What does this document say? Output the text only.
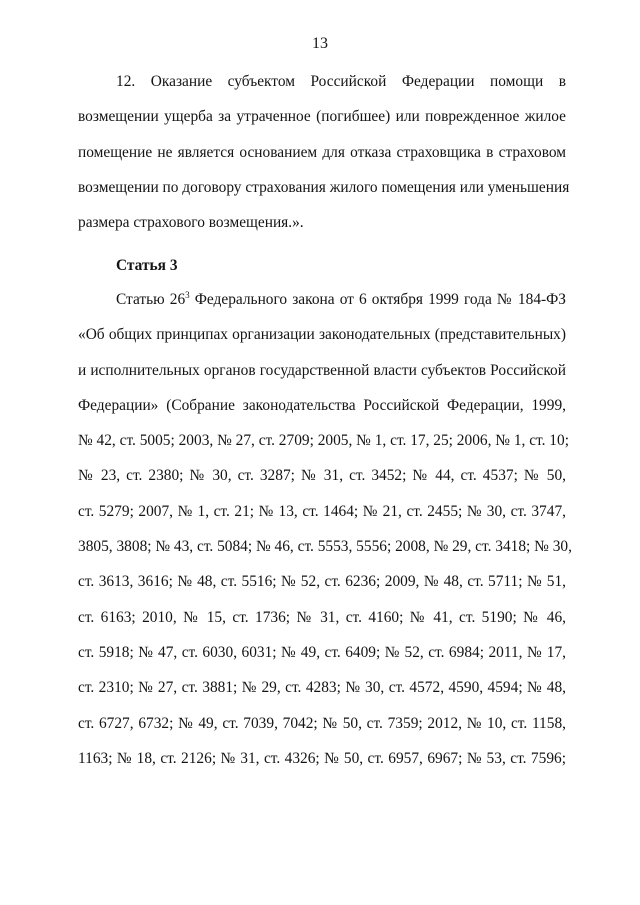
13
12. Оказание субъектом Российской Федерации помощи в
возмещении ущерба за утраченное (погибшее) или поврежденное жилое
помещение не является основанием для отказа страховщика в страховом
возмещении по договору страхования жилого помещения или уменьшения
размера страхового возмещения.».
Статья 3
Статью $26^3$ Федерального закона от 6 октября 1999 года № 184-ФЗ
«Об общих принципах организации законодательных (представительных)
и исполнительных органов государственной власти субъектов Российской
Федерации» (Собрание законодательства Российской Федерации, 1999,
№ 42, ст. 5005; 2003, № 27, ст. 2709; 2005, № 1, ст. 17, 25; 2006, № 1, ст. 10;
№ 23, ст. 2380; № 30, ст. 3287; № 31, ст. 3452; № 44, ст. 4537; № 50,
ст. 5279; 2007, № 1, ст. 21; № 13, ст. 1464; № 21, ст. 2455; № 30, ст. 3747,
3805, 3808; № 43, ст. 5084; № 46, ст. 5553, 5556; 2008, № 29, ст. 3418; № 30,
ст. 3613, 3616; № 48, ст. 5516; № 52, ст. 6236; 2009, № 48, ст. 5711; № 51,
ст. 6163; 2010, № 15, ст. 1736; № 31, ст. 4160; № 41, ст. 5190; № 46,
ст. 5918; № 47, ст. 6030, 6031; № 49, ст. 6409; № 52, ст. 6984; 2011, № 17,
ст. 2310; № 27, ст. 3881; № 29, ст. 4283; № 30, ст. 4572, 4590, 4594; № 48,
ст. 6727, 6732; № 49, ст. 7039, 7042; № 50, ст. 7359; 2012, № 10, ст. 1158,
1163; № 18, ст. 2126; № 31, ст. 4326; № 50, ст. 6957, 6967; № 53, ст. 7596;
